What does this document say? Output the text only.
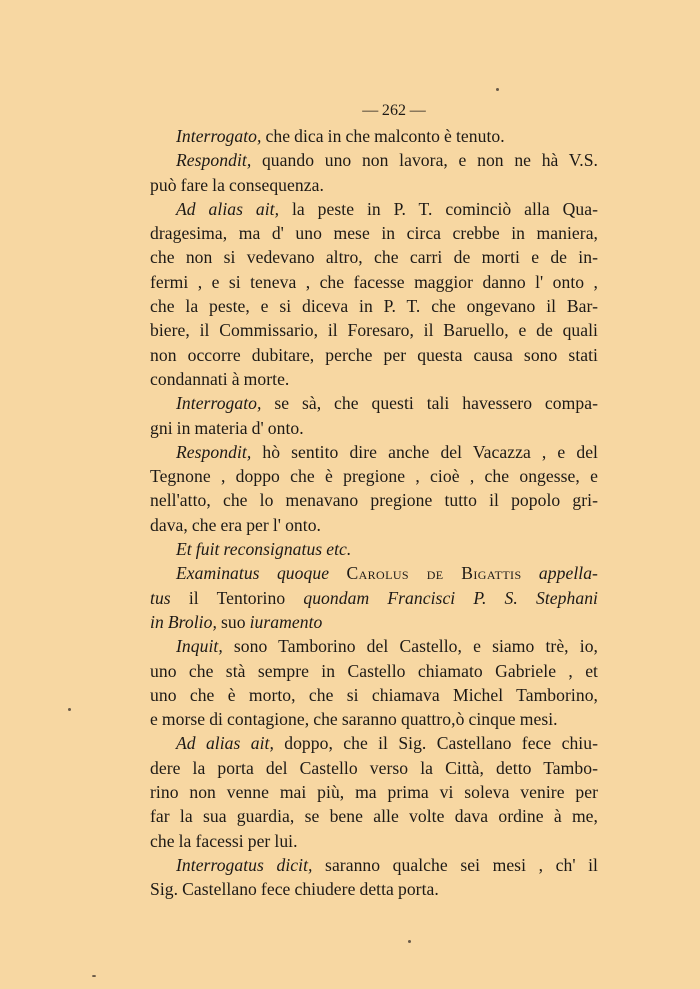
— 262 —
Interrogato, che dica in che malconto è tenuto.
Respondit, quando uno non lavora, e non ne hà V.S.
può fare la consequenza.
Ad alias ait, la peste in P. T. cominciò alla Qua-
dragesima, ma d' uno mese in circa crebbe in maniera,
che non si vedevano altro, che carri de morti e de in-
fermi , e si teneva , che facesse maggior danno l' onto ,
che la peste, e si diceva in P. T. che ongevano il Bar-
biere, il Commissario, il Foresaro, il Baruello, e de quali
non occorre dubitare, perche per questa causa sono stati
condannati à morte.
Interrogato, se sà, che questi tali havessero compa-
gni in materia d' onto.
Respondit, hò sentito dire anche del Vacazza , e del
Tegnone , doppo che è pregione , cioè , che ongesse, e
nell'atto, che lo menavano pregione tutto il popolo gri-
dava, che era per l' onto.
Et fuit reconsignatus etc.
Examinatus quoque Carolus de Bigattis appella-
tus il Tentorino quondam Francisci P. S. Stephani
in Brolio, suo iuramento
Inquit, sono Tamborino del Castello, e siamo trè, io,
uno che stà sempre in Castello chiamato Gabriele , et
uno che è morto, che si chiamava Michel Tamborino,
e morse di contagione, che saranno quattro,ò cinque mesi.
Ad alias ait, doppo, che il Sig. Castellano fece chiu-
dere la porta del Castello verso la Città, detto Tambo-
rino non venne mai più, ma prima vi soleva venire per
far la sua guardia, se bene alle volte dava ordine à me,
che la facessi per lui.
Interrogatus dicit, saranno qualche sei mesi , ch' il
Sig. Castellano fece chiudere detta porta.
